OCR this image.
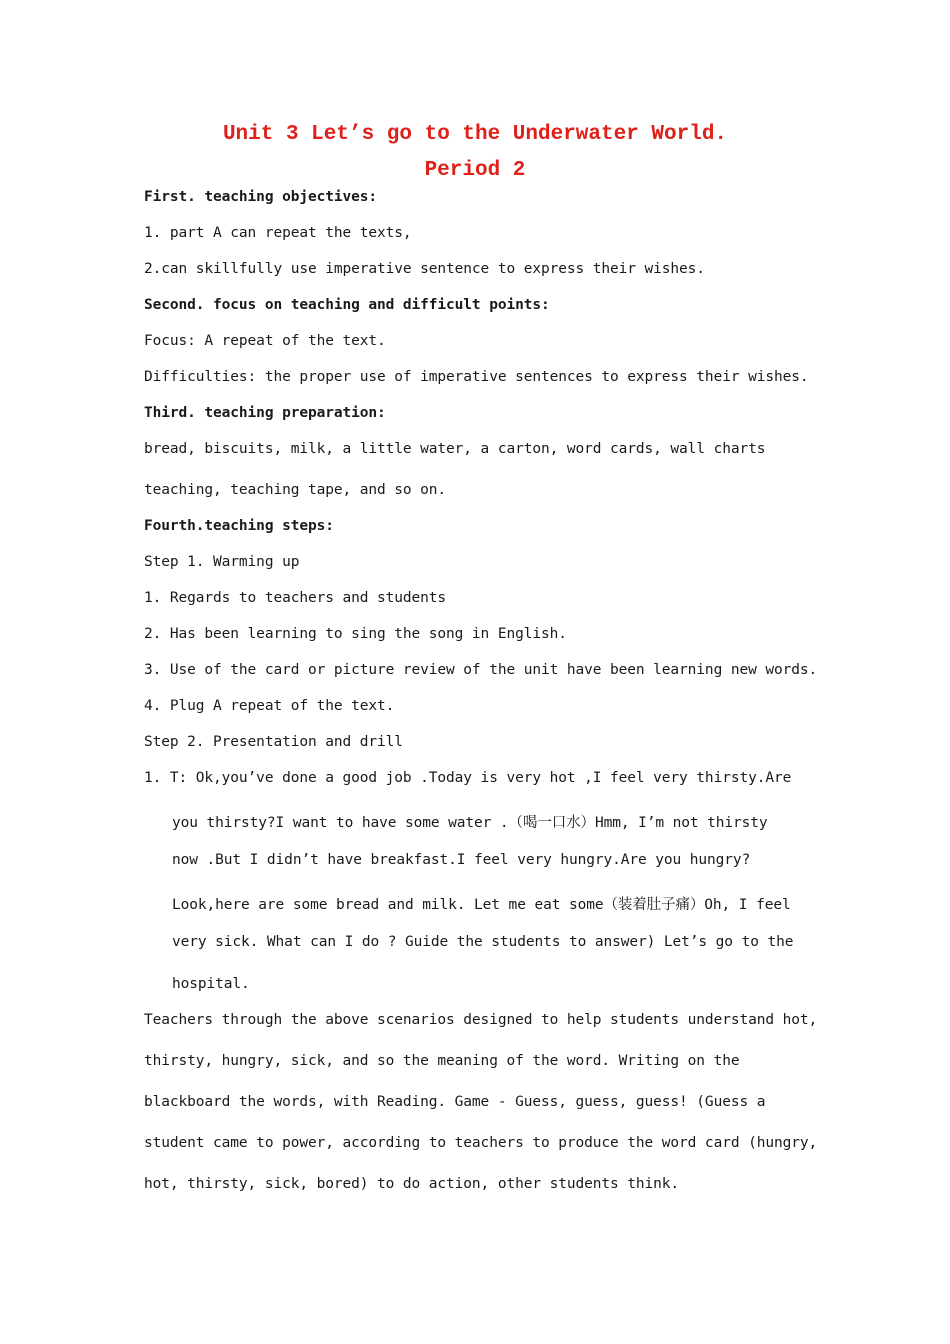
Unit 3 Let’s go to the Underwater World.
Period 2
First. teaching objectives:
1. part A can repeat the texts,
2.can skillfully use imperative sentence to express their wishes.
Second. focus on teaching and difficult points:
Focus: A repeat of the text.
Difficulties: the proper use of imperative sentences to express their wishes.
Third. teaching preparation:
bread, biscuits, milk, a little water, a carton, word cards, wall charts
teaching, teaching tape, and so on.
Fourth.teaching steps:
Step 1. Warming up
1. Regards to teachers and students
2. Has been learning to sing the song in English.
3. Use of the card or picture review of the unit have been learning new words.
4. Plug A repeat of the text.
Step 2. Presentation and drill
1. T: Ok,you’ve done a good job .Today is very hot ,I feel very thirsty.Are
you thirsty?I want to have some water .（喝一口水）Hmm, I’m not thirsty
now .But I didn’t have breakfast.I feel very hungry.Are you hungry?
Look,here are some bread and milk. Let me eat some（装着肚子痛）Oh, I feel
very sick. What can I do ? Guide the students to answer) Let’s go to the
hospital.
Teachers through the above scenarios designed to help students understand hot,
thirsty, hungry, sick, and so the meaning of the word. Writing on the
blackboard the words, with Reading. Game - Guess, guess, guess! (Guess a
student came to power, according to teachers to produce the word card (hungry,
hot, thirsty, sick, bored) to do action, other students think.
